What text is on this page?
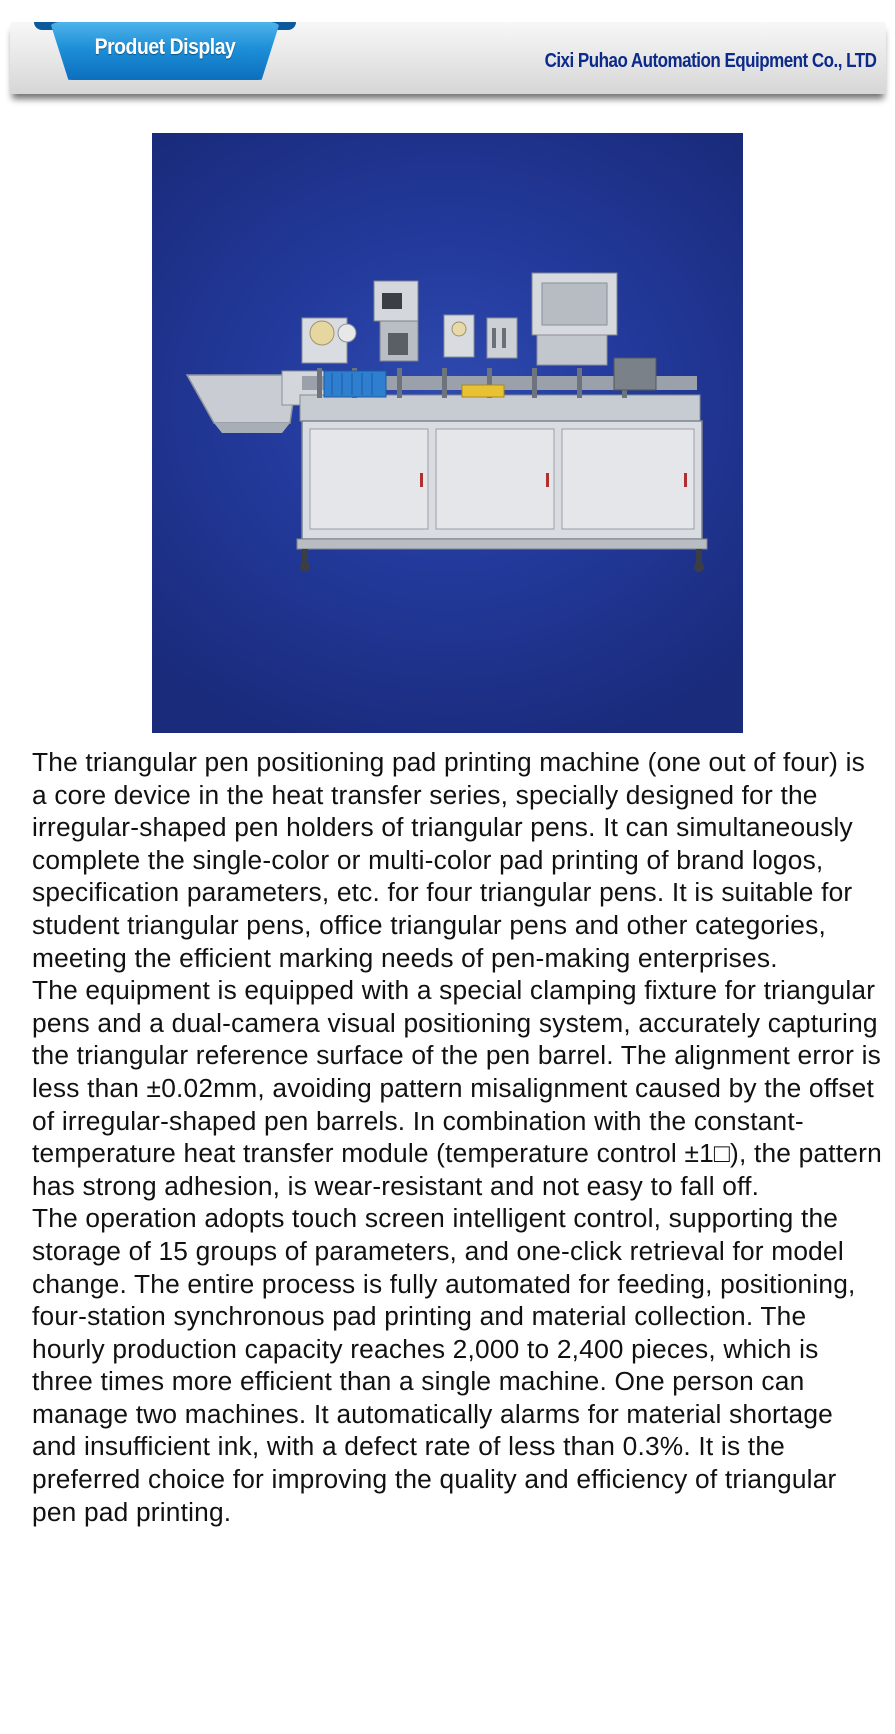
Produet Display
Cixi Puhao Automation Equipment Co., LTD

The triangular pen positioning pad printing machine (one out of four) is a core device in the heat transfer series, specially designed for the irregular-shaped pen holders of triangular pens. It can simultaneously complete the single-color or multi-color pad printing of brand logos, specification parameters, etc. for four triangular pens. It is suitable for student triangular pens, office triangular pens and other categories, meeting the efficient marking needs of pen-making enterprises.

The equipment is equipped with a special clamping fixture for triangular pens and a dual-camera visual positioning system, accurately capturing the triangular reference surface of the pen barrel. The alignment error is less than ±0.02mm, avoiding pattern misalignment caused by the offset of irregular-shaped pen barrels. In combination with the constant-temperature heat transfer module (temperature control ±1□), the pattern has strong adhesion, is wear-resistant and not easy to fall off.

The operation adopts touch screen intelligent control, supporting the storage of 15 groups of parameters, and one-click retrieval for model change. The entire process is fully automated for feeding, positioning, four-station synchronous pad printing and material collection. The hourly production capacity reaches 2,000 to 2,400 pieces, which is three times more efficient than a single machine. One person can manage two machines. It automatically alarms for material shortage and insufficient ink, with a defect rate of less than 0.3%. It is the preferred choice for improving the quality and efficiency of triangular pen pad printing.
